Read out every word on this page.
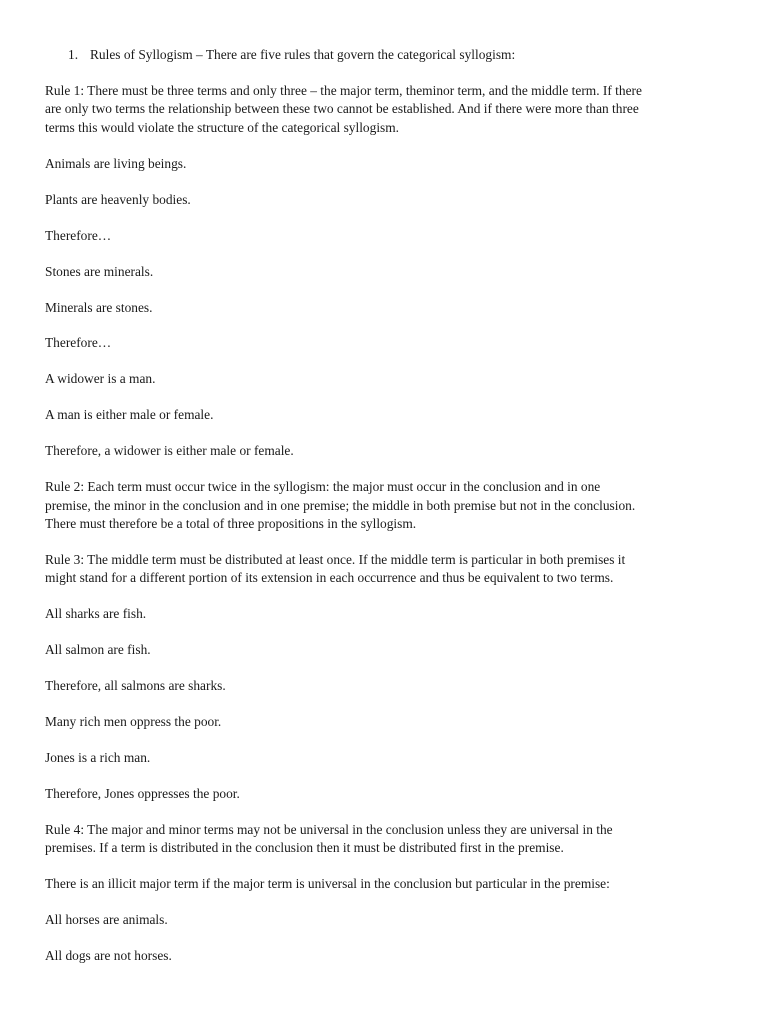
1. Rules of Syllogism – There are five rules that govern the categorical syllogism:

Rule 1: There must be three terms and only three – the major term, theminor term, and the middle term. If there
are only two terms the relationship between these two cannot be established. And if there were more than three
terms this would violate the structure of the categorical syllogism.

Animals are living beings.

Plants are heavenly bodies.

Therefore…

Stones are minerals.

Minerals are stones.

Therefore…

A widower is a man.

A man is either male or female.

Therefore, a widower is either male or female.

Rule 2: Each term must occur twice in the syllogism: the major must occur in the conclusion and in one
premise, the minor in the conclusion and in one premise; the middle in both premise but not in the conclusion.
There must therefore be a total of three propositions in the syllogism.

Rule 3: The middle term must be distributed at least once. If the middle term is particular in both premises it
might stand for a different portion of its extension in each occurrence and thus be equivalent to two terms.

All sharks are fish.

All salmon are fish.

Therefore, all salmons are sharks.

Many rich men oppress the poor.

Jones is a rich man.

Therefore, Jones oppresses the poor.

Rule 4: The major and minor terms may not be universal in the conclusion unless they are universal in the
premises. If a term is distributed in the conclusion then it must be distributed first in the premise.

There is an illicit major term if the major term is universal in the conclusion but particular in the premise:

All horses are animals.

All dogs are not horses.
